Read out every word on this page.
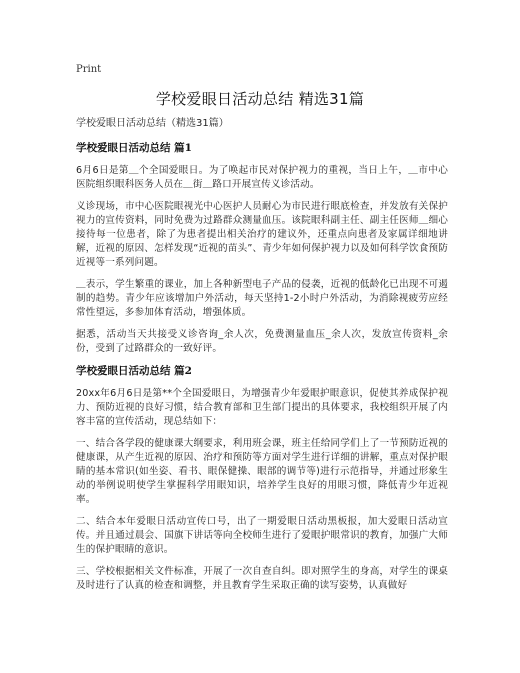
Print
学校爱眼日活动总结 精选31篇
学校爱眼日活动总结（精选31篇）
学校爱眼日活动总结 篇1
6月6日是第＿个全国爱眼日。为了唤起市民对保护视力的重视，当日上午，＿市中心医院组织眼科医务人员在＿街＿路口开展宣传义诊活动。
义诊现场，市中心医院眼视光中心医护人员耐心为市民进行眼底检查，并发放有关保护视力的宣传资料，同时免费为过路群众测量血压。该院眼科副主任、副主任医师＿细心接待每一位患者，除了为患者提出相关治疗的建议外，还重点向患者及家属详细地讲解，近视的原因、怎样发现“近视的苗头”、青少年如何保护视力以及如何科学饮食预防近视等一系列问题。
＿表示，学生繁重的课业，加上各种新型电子产品的侵袭，近视的低龄化已出现不可遏制的趋势。青少年应该增加户外活动，每天坚持1-2小时户外活动，为消除视疲劳应经常性望远，多参加体育活动，增强体质。
据悉，活动当天共接受义诊咨询_余人次，免费测量血压_余人次，发放宣传资料_余份，受到了过路群众的一致好评。
学校爱眼日活动总结 篇2
20xx年6月6日是第**个全国爱眼日，为增强青少年爱眼护眼意识，促使其养成保护视力、预防近视的良好习惯，结合教育部和卫生部门提出的具体要求，我校组织开展了内容丰富的宣传活动，现总结如下：
一、结合各学段的健康课大纲要求，利用班会课，班主任给同学们上了一节预防近视的健康课，从产生近视的原因、治疗和预防等方面对学生进行详细的讲解，重点对保护眼睛的基本常识(如坐姿、看书、眼保健操、眼部的调节等)进行示范指导，并通过形象生动的举例说明使学生掌握科学用眼知识，培养学生良好的用眼习惯，降低青少年近视率。
二、结合本年爱眼日活动宣传口号，出了一期爱眼日活动黑板报，加大爱眼日活动宣传。并且通过晨会、国旗下讲话等向全校师生进行了爱眼护眼常识的教育，加强广大师生的保护眼睛的意识。
三、学校根据相关文件标准，开展了一次自查自纠。即对照学生的身高，对学生的课桌及时进行了认真的检查和调整，并且教育学生采取正确的读写姿势，认真做好
